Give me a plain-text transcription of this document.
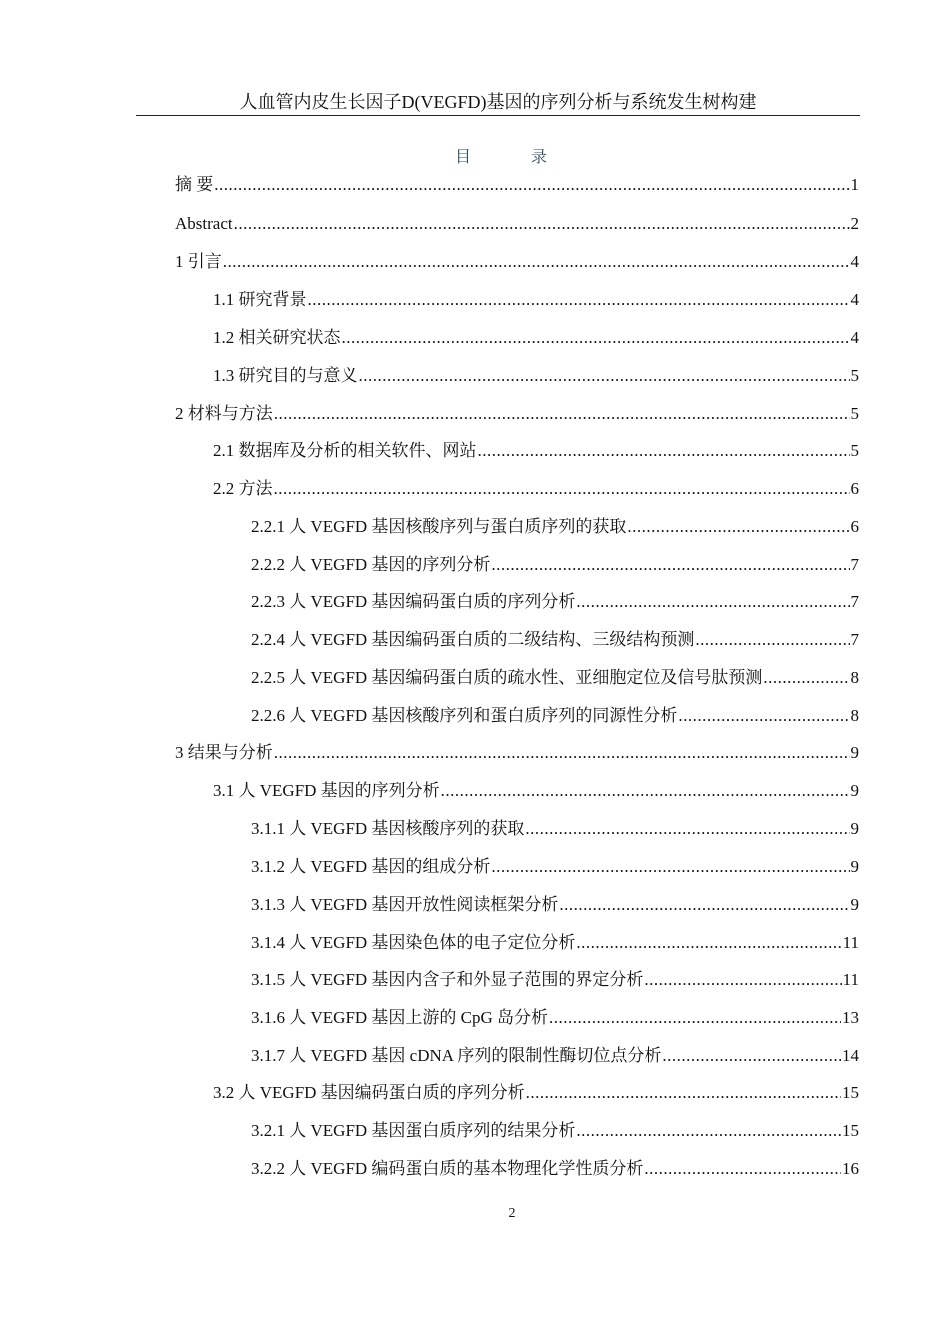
人血管内皮生长因子D(VEGFD)基因的序列分析与系统发生树构建
目 录
摘 要 .....	1
Abstract .....	2
1 引言 .....	4
1.1 研究背景 .....	4
1.2 相关研究状态 .....	4
1.3 研究目的与意义 .....	5
2 材料与方法 .....	5
2.1 数据库及分析的相关软件、网站 .....	5
2.2 方法 .....	6
2.2.1 人 VEGFD 基因核酸序列与蛋白质序列的获取 .....	6
2.2.2 人 VEGFD 基因的序列分析 .....	7
2.2.3 人 VEGFD 基因编码蛋白质的序列分析 .....	7
2.2.4 人 VEGFD 基因编码蛋白质的二级结构、三级结构预测 .....	7
2.2.5 人 VEGFD 基因编码蛋白质的疏水性、亚细胞定位及信号肽预测 .....	8
2.2.6 人 VEGFD 基因核酸序列和蛋白质序列的同源性分析 .....	8
3 结果与分析 .....	9
3.1 人 VEGFD 基因的序列分析 .....	9
3.1.1 人 VEGFD 基因核酸序列的获取 .....	9
3.1.2 人 VEGFD 基因的组成分析 .....	9
3.1.3 人 VEGFD 基因开放性阅读框架分析 .....	9
3.1.4 人 VEGFD 基因染色体的电子定位分析 .....	11
3.1.5 人 VEGFD 基因内含子和外显子范围的界定分析 .....	11
3.1.6 人 VEGFD 基因上游的 CpG 岛分析 .....	13
3.1.7 人 VEGFD 基因 cDNA 序列的限制性酶切位点分析 .....	14
3.2 人 VEGFD 基因编码蛋白质的序列分析 .....	15
3.2.1 人 VEGFD 基因蛋白质序列的结果分析 .....	15
3.2.2 人 VEGFD 编码蛋白质的基本物理化学性质分析 .....	16
2
